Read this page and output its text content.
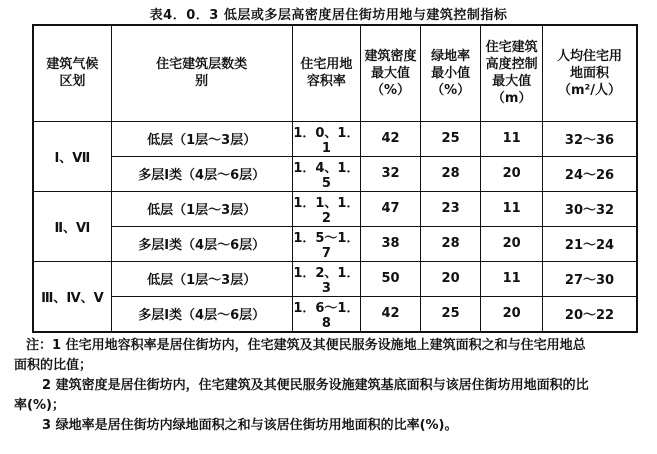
表4．0．3 低层或多层高密度居住街坊用地与建筑控制指标
建筑气候区划	住宅建筑层数类别	住宅用地容积率	建筑密度最大值（%）	绿地率最小值（%）	住宅建筑高度控制最大值（m）	人均住宅用地面积（m²/人）
Ⅰ、Ⅶ	低层（1层～3层）	1．0、1．1	42	25	11	32～36
	多层Ⅰ类（4层～6层）	1．4、1．5	32	28	20	24～26
Ⅱ、Ⅵ	低层（1层～3层）	1．1、1．2	47	23	11	30～32
	多层Ⅰ类（4层～6层）	1．5～1．7	38	28	20	21～24
Ⅲ、Ⅳ、Ⅴ	低层（1层～3层）	1．2、1．3	50	20	11	27～30
	多层Ⅰ类（4层～6层）	1．6～1．8	42	25	20	20～22

注：1 住宅用地容积率是居住街坊内，住宅建筑及其便民服务设施地上建筑面积之和与住宅用地总

面积的比值；

2 建筑密度是居住街坊内，住宅建筑及其便民服务设施建筑基底面积与该居住街坊用地面积的比

率(%)；

3 绿地率是居住街坊内绿地面积之和与该居住街坊用地面积的比率(%)。
